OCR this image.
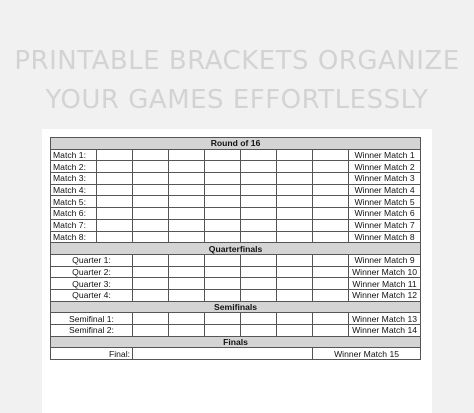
PRINTABLE BRACKETS ORGANIZE
YOUR GAMES EFFORTLESSLY
Round of 16								
Match 1:								Winner Match 1
Match 2:								Winner Match 2
Match 3:								Winner Match 3
Match 4:								Winner Match 4
Match 5:								Winner Match 5
Match 6:								Winner Match 6
Match 7:								Winner Match 7
Match 8:								Winner Match 8
Quarterfinals								
Quarter 1:								Winner Match 9
Quarter 2:								Winner Match 10
Quarter 3:								Winner Match 11
Quarter 4:								Winner Match 12
Semifinals								
Semifinal 1:								Winner Match 13
Semifinal 2:								Winner Match 14
Finals								
Final:							Winner Match 15	
